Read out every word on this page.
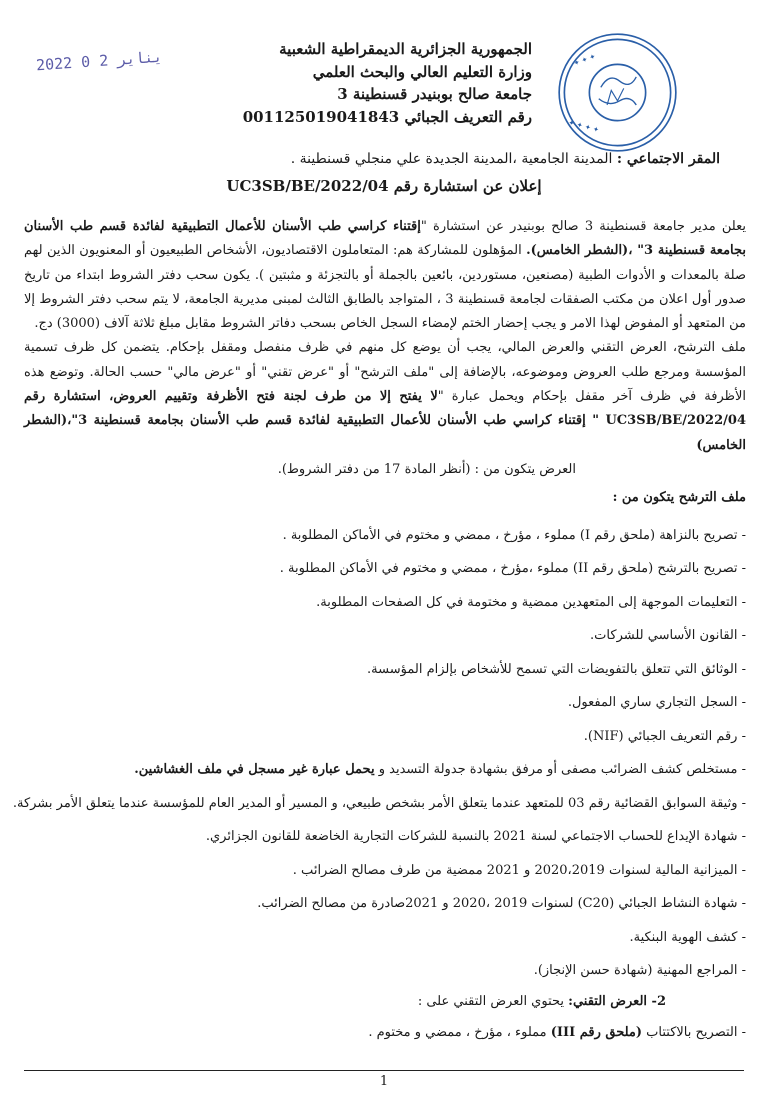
✦ ✦ ✦
✦ ✦ ✦ ✦
2022 يناير 2 0	الجمهورية الجزائرية الديمقراطية الشعبية
وزارة التعليم العالي والبحث العلمي
جامعة صالح بوبنيدر قسنطينة 3
رقم التعريف الجبائي 001125019041843
المقر الاجتماعي : المدينة الجامعية ،المدينة الجديدة علي منجلي قسنطينة .
إعلان عن استشارة رقم 04/UC3SB/BE/2022

يعلن مدير جامعة قسنطينة 3 صالح بوبنيدر عن استشارة "إقتناء كراسي طب الأسنان للأعمال التطبيقية لفائدة قسم طب الأسنان بجامعة قسنطينة 3" ،(الشطر الخامس). المؤهلون للمشاركة هم: المتعاملون الاقتصاديون، الأشخاص الطبيعيون أو المعنويون الذين لهم صلة بالمعدات و الأدوات الطبية (مصنعين، مستوردين، بائعين بالجملة أو بالتجزئة و مثبتين ). يكون سحب دفتر الشروط ابتداء من تاريخ صدور أول اعلان من مكتب الصفقات لجامعة قسنطينة 3 ، المتواجد بالطابق الثالث لمبنى مديرية الجامعة، لا يتم سحب دفتر الشروط إلا من المتعهد أو المفوض لهذا الامر و يجب إحضار الختم لإمضاء السجل الخاص بسحب دفاتر الشروط مقابل مبلغ ثلاثة آلاف (3000) دج.

ملف الترشح، العرض التقني والعرض المالي، يجب أن يوضع كل منهم في ظرف منفصل ومقفل بإحكام. يتضمن كل ظرف تسمية المؤسسة ومرجع طلب العروض وموضوعه، بالإضافة إلى "ملف الترشح" أو "عرض تقني" أو "عرض مالي" حسب الحالة. وتوضع هذه الأظرفة في ظرف آخر مقفل بإحكام ويحمل عبارة "لا يفتح إلا من طرف لجنة فتح الأظرفة وتقييم العروض، استشارة رقم 04/UC3SB/BE/2022 " إقتناء كراسي طب الأسنان للأعمال التطبيقية لفائدة قسم طب الأسنان بجامعة قسنطينة 3"،(الشطر الخامس)

العرض يتكون من : (أنظر المادة 17 من دفتر الشروط).

ملف الترشح يتكون من :

- تصريح بالنزاهة (ملحق رقم I) مملوء ، مؤرخ ، ممضي و مختوم في الأماكن المطلوبة .
- تصريح بالترشح (ملحق رقم II) مملوء ،مؤرخ ، ممضي و مختوم في الأماكن المطلوبة .
- التعليمات الموجهة إلى المتعهدين ممضية و مختومة في كل الصفحات المطلوبة.
- القانون الأساسي للشركات.
- الوثائق التي تتعلق بالتفويضات التي تسمح للأشخاص بإلزام المؤسسة.
- السجل التجاري ساري المفعول.
- رقم التعريف الجبائي (NIF).
- مستخلص كشف الضرائب مصفى أو مرفق بشهادة جدولة التسديد و يحمل عبارة غير مسجل في ملف الغشاشين.
- وثيقة السوابق القضائية رقم 03 للمتعهد عندما يتعلق الأمر بشخص طبيعي، و المسير أو المدير العام للمؤسسة عندما يتعلق الأمر بشركة.
- شهادة الإيداع للحساب الاجتماعي لسنة 2021 بالنسبة للشركات التجارية الخاضعة للقانون الجزائري.
- الميزانية المالية لسنوات 2020،2019 و 2021 ممضية من طرف مصالح الضرائب .
- شهادة النشاط الجبائي (C20) لسنوات 2019 ،2020 و 2021صادرة من مصالح الضرائب.
- كشف الهوية البنكية.
- المراجع المهنية (شهادة حسن الإنجاز).

2- العرض التقني: يحتوي العرض التقني على :

- التصريح بالاكتتاب (ملحق رقم III) مملوء ، مؤرخ ، ممضي و مختوم .
1
